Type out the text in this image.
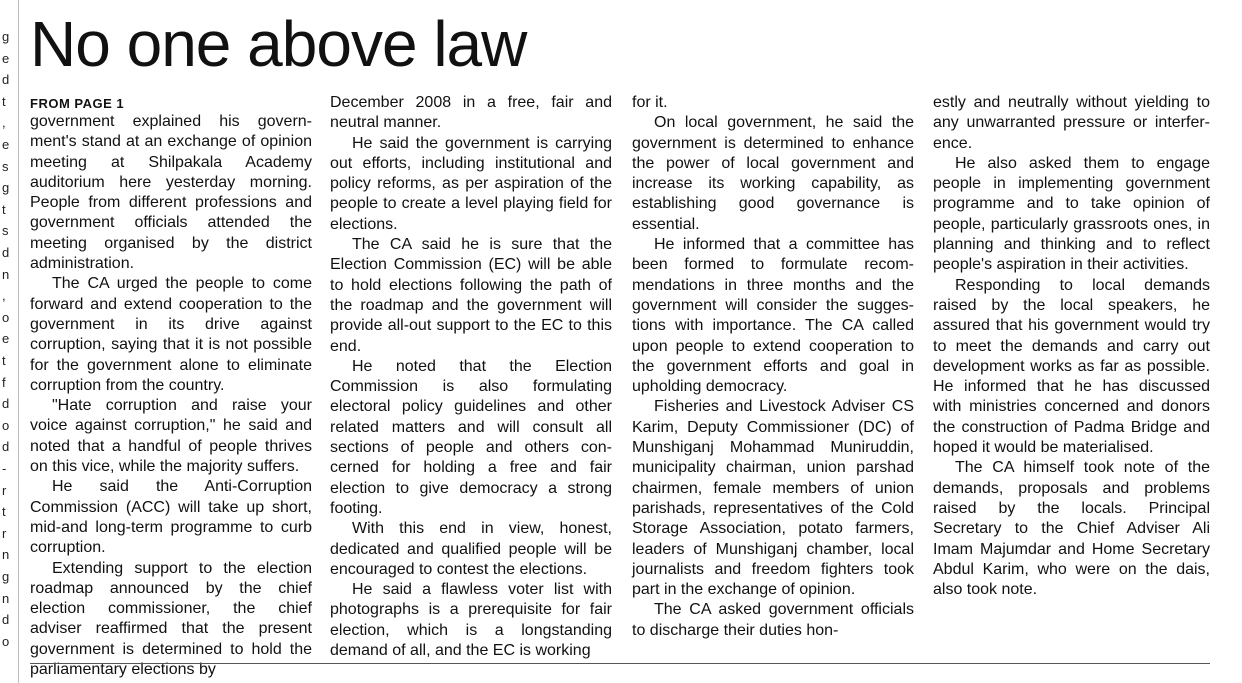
g
e
d
t
,
e
s
g
t
s
d
n
,
o
e
t
f
d
o
d
-
r
t
r
n
g
n
d
o
No one above law
FROM PAGE 1

government explained his government's stand at an exchange of opinion meeting at Shilpakala Academy auditorium here yesterday morning. People from different professions and government officials attended the meeting organised by the district administration.

The CA urged the people to come forward and extend cooperation to the government in its drive against corruption, saying that it is not possible for the government alone to eliminate corruption from the country.

"Hate corruption and raise your voice against corruption," he said and noted that a handful of people thrives on this vice, while the majority suffers.

He said the Anti-Corruption Commission (ACC) will take up short, mid-and long-term programme to curb corruption.

Extending support to the election roadmap announced by the chief election commissioner, the chief adviser reaffirmed that the present government is determined to hold the parliamentary elections by

December 2008 in a free, fair and neutral manner.

He said the government is carrying out efforts, including institutional and policy reforms, as per aspiration of the people to create a level playing field for elections.

The CA said he is sure that the Election Commission (EC) will be able to hold elections following the path of the roadmap and the government will provide all-out support to the EC to this end.

He noted that the Election Commission is also formulating electoral policy guidelines and other related matters and will consult all sections of people and others concerned for holding a free and fair election to give democracy a strong footing.

With this end in view, honest, dedicated and qualified people will be encouraged to contest the elections.

He said a flawless voter list with photographs is a prerequisite for fair election, which is a longstanding demand of all, and the EC is working

for it.

On local government, he said the government is determined to enhance the power of local government and increase its working capability, as establishing good governance is essential.

He informed that a committee has been formed to formulate recommendations in three months and the government will consider the suggestions with importance. The CA called upon people to extend cooperation to the government efforts and goal in upholding democracy.

Fisheries and Livestock Adviser CS Karim, Deputy Commissioner (DC) of Munshiganj Mohammad Muniruddin, municipality chairman, union parshad chairmen, female members of union parishads, representatives of the Cold Storage Association, potato farmers, leaders of Munshiganj chamber, local journalists and freedom fighters took part in the exchange of opinion.

The CA asked government officials to discharge their duties hon-

estly and neutrally without yielding to any unwarranted pressure or interference.

He also asked them to engage people in implementing government programme and to take opinion of people, particularly grassroots ones, in planning and thinking and to reflect people's aspiration in their activities.

Responding to local demands raised by the local speakers, he assured that his government would try to meet the demands and carry out development works as far as possible. He informed that he has discussed with ministries concerned and donors the construction of Padma Bridge and hoped it would be materialised.

The CA himself took note of the demands, proposals and problems raised by the locals. Principal Secretary to the Chief Adviser Ali Imam Majumdar and Home Secretary Abdul Karim, who were on the dais, also took note.
